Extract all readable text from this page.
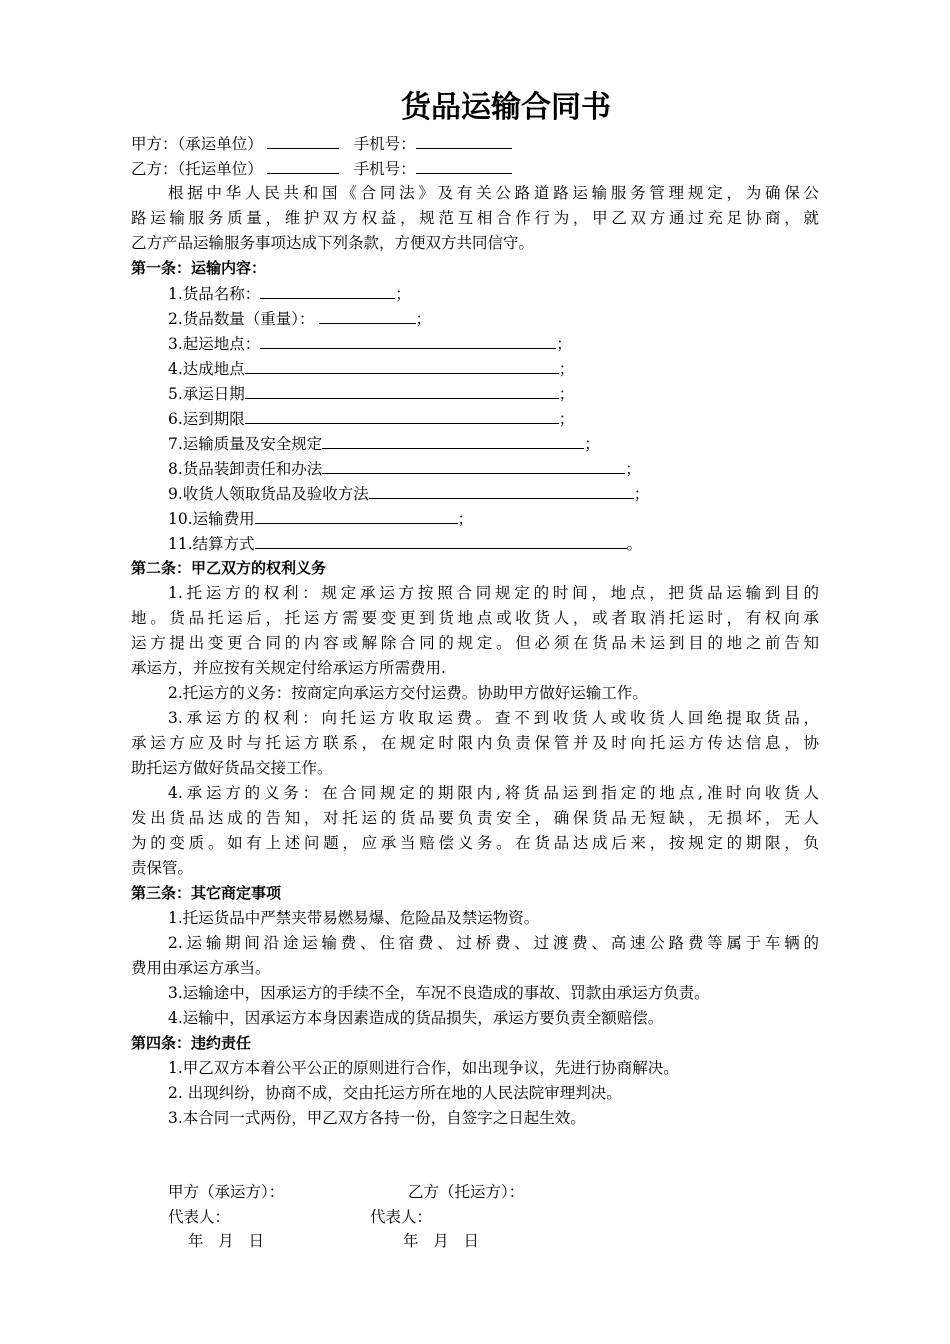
货品运输合同书
甲方：（承运单位）	手机号：
乙方：（托运单位）	手机号：
根据中华人民共和国《合同法》及有关公路道路运输服务管理规定，为确保公
路运输服务质量，维护双方权益，规范互相合作行为，甲乙双方通过充足协商，就
乙方产品运输服务事项达成下列条款，方便双方共同信守。
第一条：运输内容：
1.货品名称：	；
2.货品数量（重量）：	；
3.起运地点：	；
4.达成地点	；
5.承运日期	；
6.运到期限	；
7.运输质量及安全规定	；
8.货品装卸责任和办法	；
9.收货人领取货品及验收方法	；
10.运输费用	；
11.结算方式	。
第二条：甲乙双方的权利义务
1.托运方的权利：规定承运方按照合同规定的时间，地点，把货品运输到目的
地。货品托运后，托运方需要变更到货地点或收货人，或者取消托运时，有权向承
运方提出变更合同的内容或解除合同的规定。但必须在货品未运到目的地之前告知
承运方，并应按有关规定付给承运方所需费用.
2.托运方的义务：按商定向承运方交付运费。协助甲方做好运输工作。
3.承运方的权利：向托运方收取运费。查不到收货人或收货人回绝提取货品，
承运方应及时与托运方联系，在规定时限内负责保管并及时向托运方传达信息，协
助托运方做好货品交接工作。
4.承运方的义务：在合同规定的期限内,将货品运到指定的地点,准时向收货人
发出货品达成的告知，对托运的货品要负责安全，确保货品无短缺，无损坏，无人
为的变质。如有上述问题，应承当赔偿义务。在货品达成后来，按规定的期限，负
责保管。
第三条：其它商定事项
1.托运货品中严禁夹带易燃易爆、危险品及禁运物资。
2.运输期间沿途运输费、住宿费、过桥费、过渡费、高速公路费等属于车辆的
费用由承运方承当。
3.运输途中，因承运方的手续不全，车况不良造成的事故、罚款由承运方负责。
4.运输中，因承运方本身因素造成的货品损失，承运方要负责全额赔偿。
第四条：违约责任
1.甲乙双方本着公平公正的原则进行合作，如出现争议，先进行协商解决。
2. 出现纠纷，协商不成，交由托运方所在地的人民法院审理判决。
3.本合同一式两份，甲乙双方各持一份，自签字之日起生效。
甲方（承运方）：	乙方（托运方）：
代表人：	代表人：
年   月   日	年   月   日
